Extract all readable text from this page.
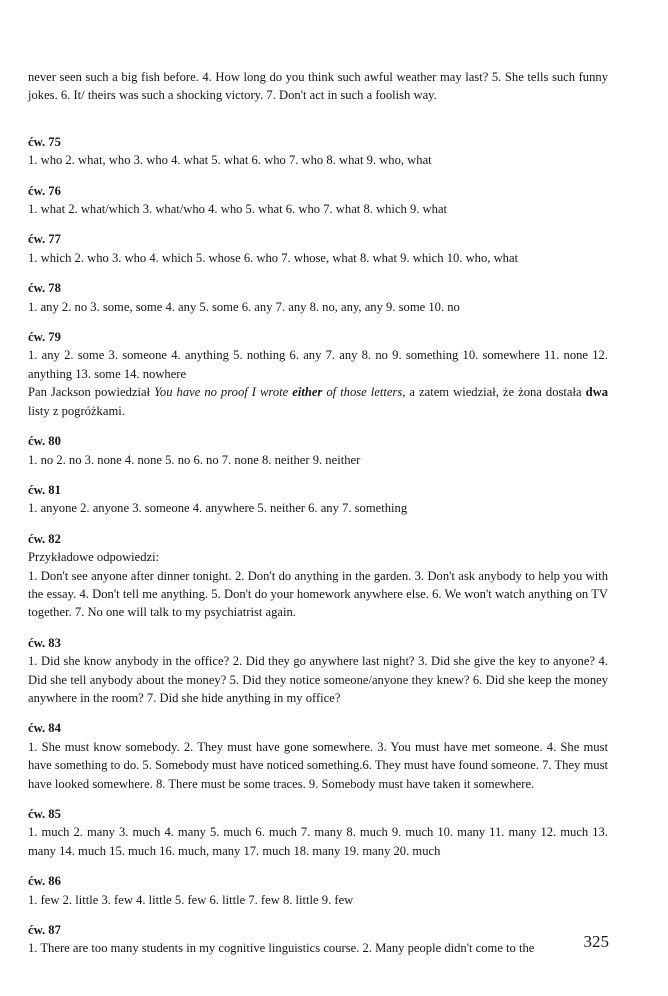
never seen such a big fish before. 4. How long do you think such awful weather may last? 5. She tells such funny jokes. 6. It/ theirs was such a shocking victory. 7. Don't act in such a foolish way.

ćw. 75

1. who 2. what, who 3. who 4. what 5. what 6. who 7. who 8. what 9. who, what

ćw. 76

1. what 2. what/which 3. what/who 4. who 5. what 6. who 7. what 8. which 9. what

ćw. 77

1. which 2. who 3. who 4. which 5. whose 6. who 7. whose, what 8. what 9. which 10. who, what

ćw. 78

1. any 2. no 3. some, some 4. any 5. some 6. any 7. any 8. no, any, any 9. some 10. no

ćw. 79

1. any 2. some 3. someone 4. anything 5. nothing 6. any 7. any 8. no 9. something 10. somewhere 11. none 12. anything 13. some 14. nowhere

Pan Jackson powiedział You have no proof I wrote either of those letters, a zatem wiedział, że żona dostała dwa listy z pogróżkami.

ćw. 80

1. no 2. no 3. none 4. none 5. no 6. no 7. none 8. neither 9. neither

ćw. 81

1. anyone 2. anyone 3. someone 4. anywhere 5. neither 6. any 7. something

ćw. 82

Przykładowe odpowiedzi:

1. Don't see anyone after dinner tonight. 2. Don't do anything in the garden. 3. Don't ask anybody to help you with the essay. 4. Don't tell me anything. 5. Don't do your homework anywhere else. 6. We won't watch anything on TV together. 7. No one will talk to my psychiatrist again.

ćw. 83

1. Did she know anybody in the office? 2. Did they go anywhere last night? 3. Did she give the key to anyone? 4. Did she tell anybody about the money? 5. Did they notice someone/anyone they knew? 6. Did she keep the money anywhere in the room? 7. Did she hide anything in my office?

ćw. 84

1. She must know somebody. 2. They must have gone somewhere. 3. You must have met someone. 4. She must have something to do. 5. Somebody must have noticed something.6. They must have found someone. 7. They must have looked somewhere. 8. There must be some traces. 9. Somebody must have taken it somewhere.

ćw. 85

1. much 2. many 3. much 4. many 5. much 6. much 7. many 8. much 9. much 10. many 11. many 12. much 13. many 14. much 15. much 16. much, many 17. much 18. many 19. many 20. much

ćw. 86

1. few 2. little 3. few 4. little 5. few 6. little 7. few 8. little 9. few

ćw. 87

1. There are too many students in my cognitive linguistics course. 2. Many people didn't come to the	325
